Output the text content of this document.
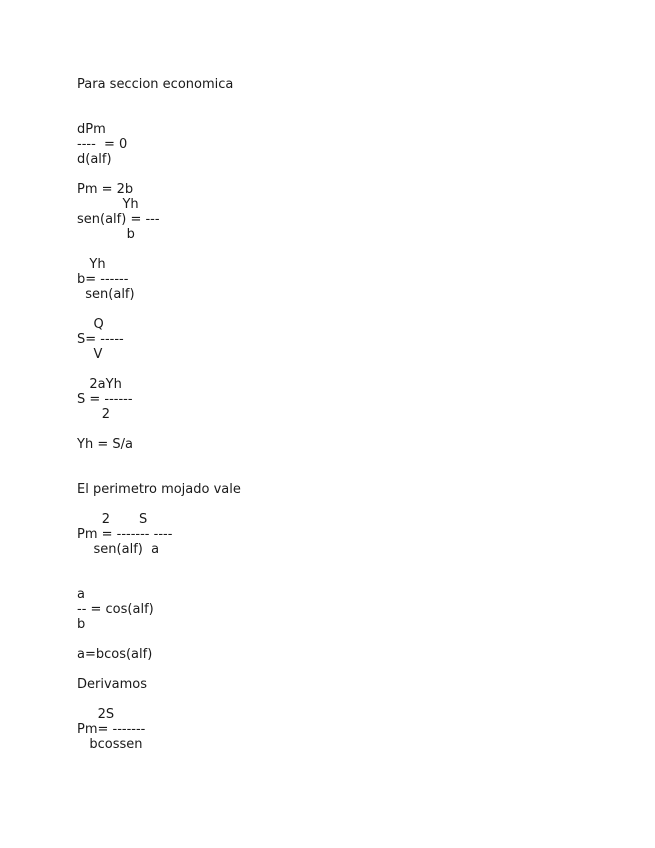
Para seccion economica
dPm
----  = 0
d(alf)
Pm = 2b
Yh
sen(alf) = ---
b
Yh
b= ------
sen(alf)
Q
S= -----
V
2aYh
S = ------
2
Yh = S/a
El perimetro mojado vale
2       S
Pm = ------- ----
sen(alf)  a
a
-- = cos(alf)
b
a=bcos(alf)
Derivamos
2S
Pm= -------
bcossen
